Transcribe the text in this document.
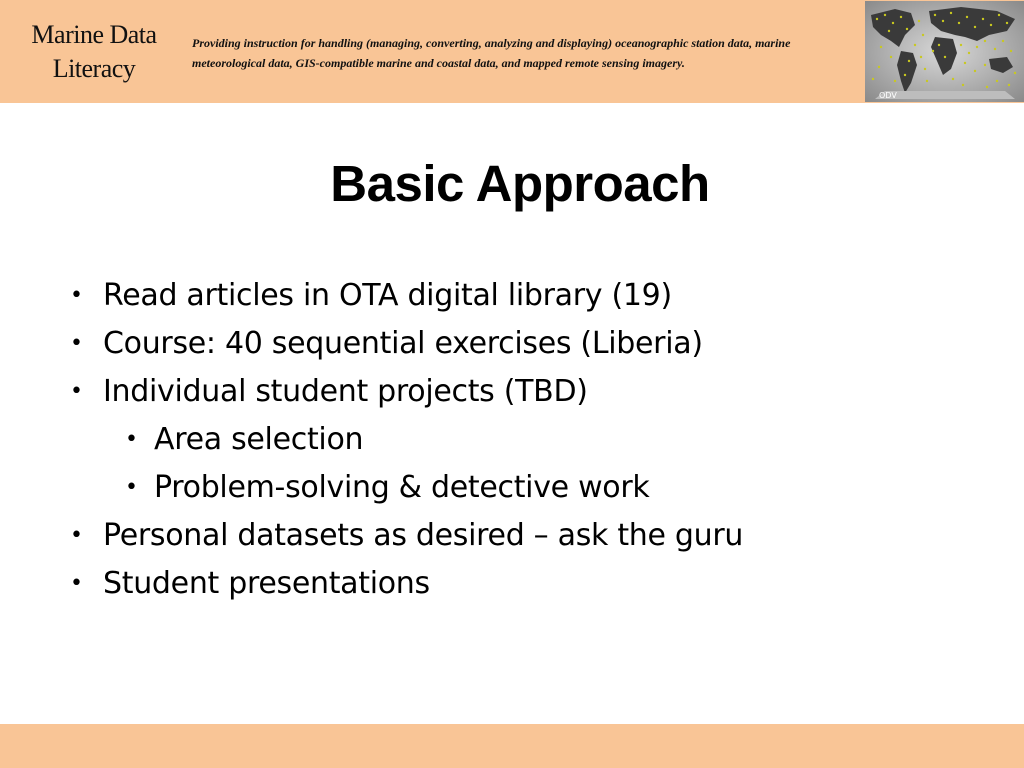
Marine Data
Literacy
Providing instruction for handling (managing, converting, analyzing and displaying) oceanographic station data, marine meteorological data, GIS-compatible marine and coastal data, and mapped remote sensing imagery.
ODV
Basic Approach
• Read articles in OTA digital library (19)
• Course: 40 sequential exercises (Liberia)
• Individual student projects (TBD)
• Area selection
• Problem-solving & detective work
• Personal datasets as desired – ask the guru
• Student presentations
